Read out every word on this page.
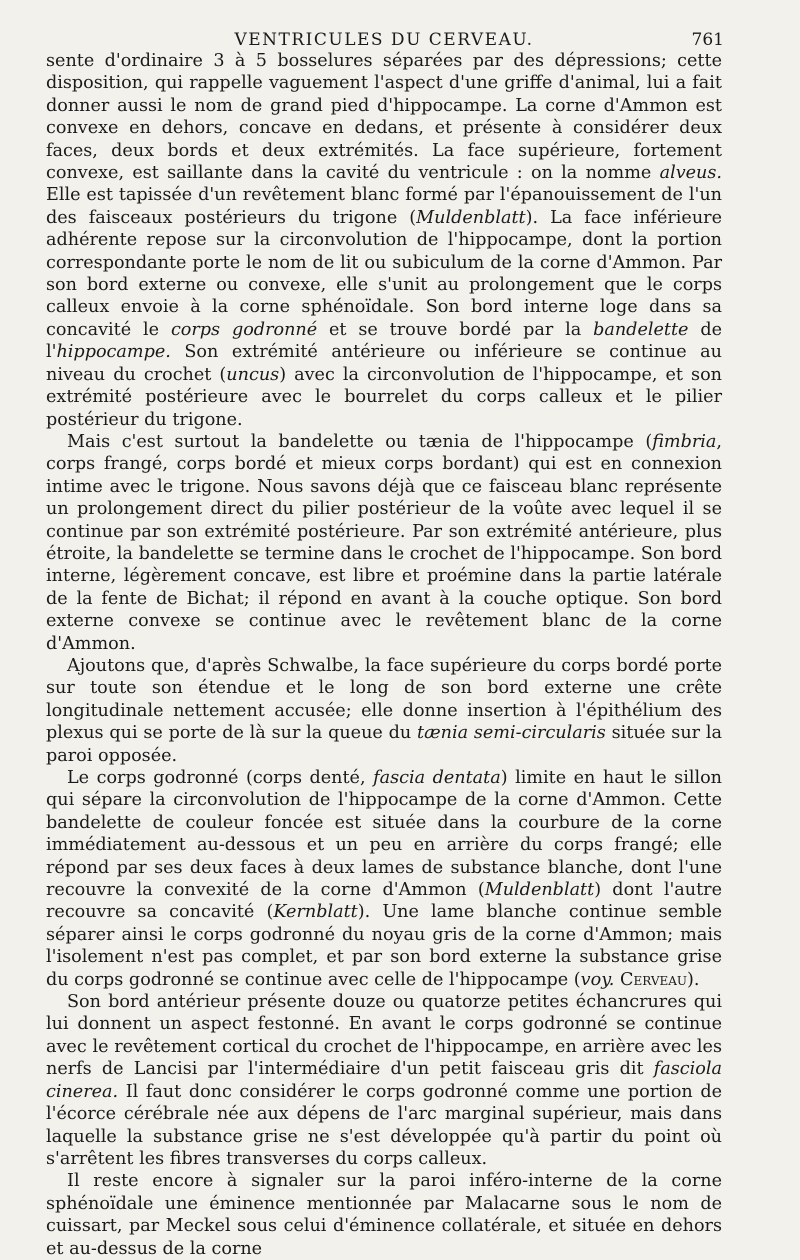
VENTRICULES DU CERVEAU.	761

sente d'ordinaire 3 à 5 bosselures séparées par des dépressions; cette disposition, qui rappelle vaguement l'aspect d'une griffe d'animal, lui a fait donner aussi le nom de grand pied d'hippocampe. La corne d'Ammon est convexe en dehors, concave en dedans, et présente à considérer deux faces, deux bords et deux extrémités. La face supérieure, fortement convexe, est saillante dans la cavité du ventricule : on la nomme alveus. Elle est tapissée d'un revêtement blanc formé par l'épanouissement de l'un des faisceaux postérieurs du trigone (Muldenblatt). La face inférieure adhérente repose sur la circonvolution de l'hippocampe, dont la portion correspondante porte le nom de lit ou subiculum de la corne d'Ammon. Par son bord externe ou convexe, elle s'unit au prolongement que le corps calleux envoie à la corne sphénoïdale. Son bord interne loge dans sa concavité le corps godronné et se trouve bordé par la bandelette de l'hippocampe. Son extrémité antérieure ou inférieure se continue au niveau du crochet (uncus) avec la circonvolution de l'hippocampe, et son extrémité postérieure avec le bourrelet du corps calleux et le pilier postérieur du trigone.

Mais c'est surtout la bandelette ou tænia de l'hippocampe (fimbria, corps frangé, corps bordé et mieux corps bordant) qui est en connexion intime avec le trigone. Nous savons déjà que ce faisceau blanc représente un prolongement direct du pilier postérieur de la voûte avec lequel il se continue par son extrémité postérieure. Par son extrémité antérieure, plus étroite, la bandelette se termine dans le crochet de l'hippocampe. Son bord interne, légèrement concave, est libre et proémine dans la partie latérale de la fente de Bichat; il répond en avant à la couche optique. Son bord externe convexe se continue avec le revêtement blanc de la corne d'Ammon.

Ajoutons que, d'après Schwalbe, la face supérieure du corps bordé porte sur toute son étendue et le long de son bord externe une crête longitudinale nettement accusée; elle donne insertion à l'épithélium des plexus qui se porte de là sur la queue du tænia semi-circularis située sur la paroi opposée.

Le corps godronné (corps denté, fascia dentata) limite en haut le sillon qui sépare la circonvolution de l'hippocampe de la corne d'Ammon. Cette bandelette de couleur foncée est située dans la courbure de la corne immédiatement au-dessous et un peu en arrière du corps frangé; elle répond par ses deux faces à deux lames de substance blanche, dont l'une recouvre la convexité de la corne d'Ammon (Muldenblatt) dont l'autre recouvre sa concavité (Kernblatt). Une lame blanche continue semble séparer ainsi le corps godronné du noyau gris de la corne d'Ammon; mais l'isolement n'est pas complet, et par son bord externe la substance grise du corps godronné se continue avec celle de l'hippocampe (voy. Cerveau).

Son bord antérieur présente douze ou quatorze petites échancrures qui lui donnent un aspect festonné. En avant le corps godronné se continue avec le revêtement cortical du crochet de l'hippocampe, en arrière avec les nerfs de Lancisi par l'intermédiaire d'un petit faisceau gris dit fasciola cinerea. Il faut donc considérer le corps godronné comme une portion de l'écorce cérébrale née aux dépens de l'arc marginal supérieur, mais dans laquelle la substance grise ne s'est développée qu'à partir du point où s'arrêtent les fibres transverses du corps calleux.

Il reste encore à signaler sur la paroi inféro-interne de la corne sphénoïdale une éminence mentionnée par Malacarne sous le nom de cuissart, par Meckel sous celui d'éminence collatérale, et située en dehors et au-dessus de la corne
